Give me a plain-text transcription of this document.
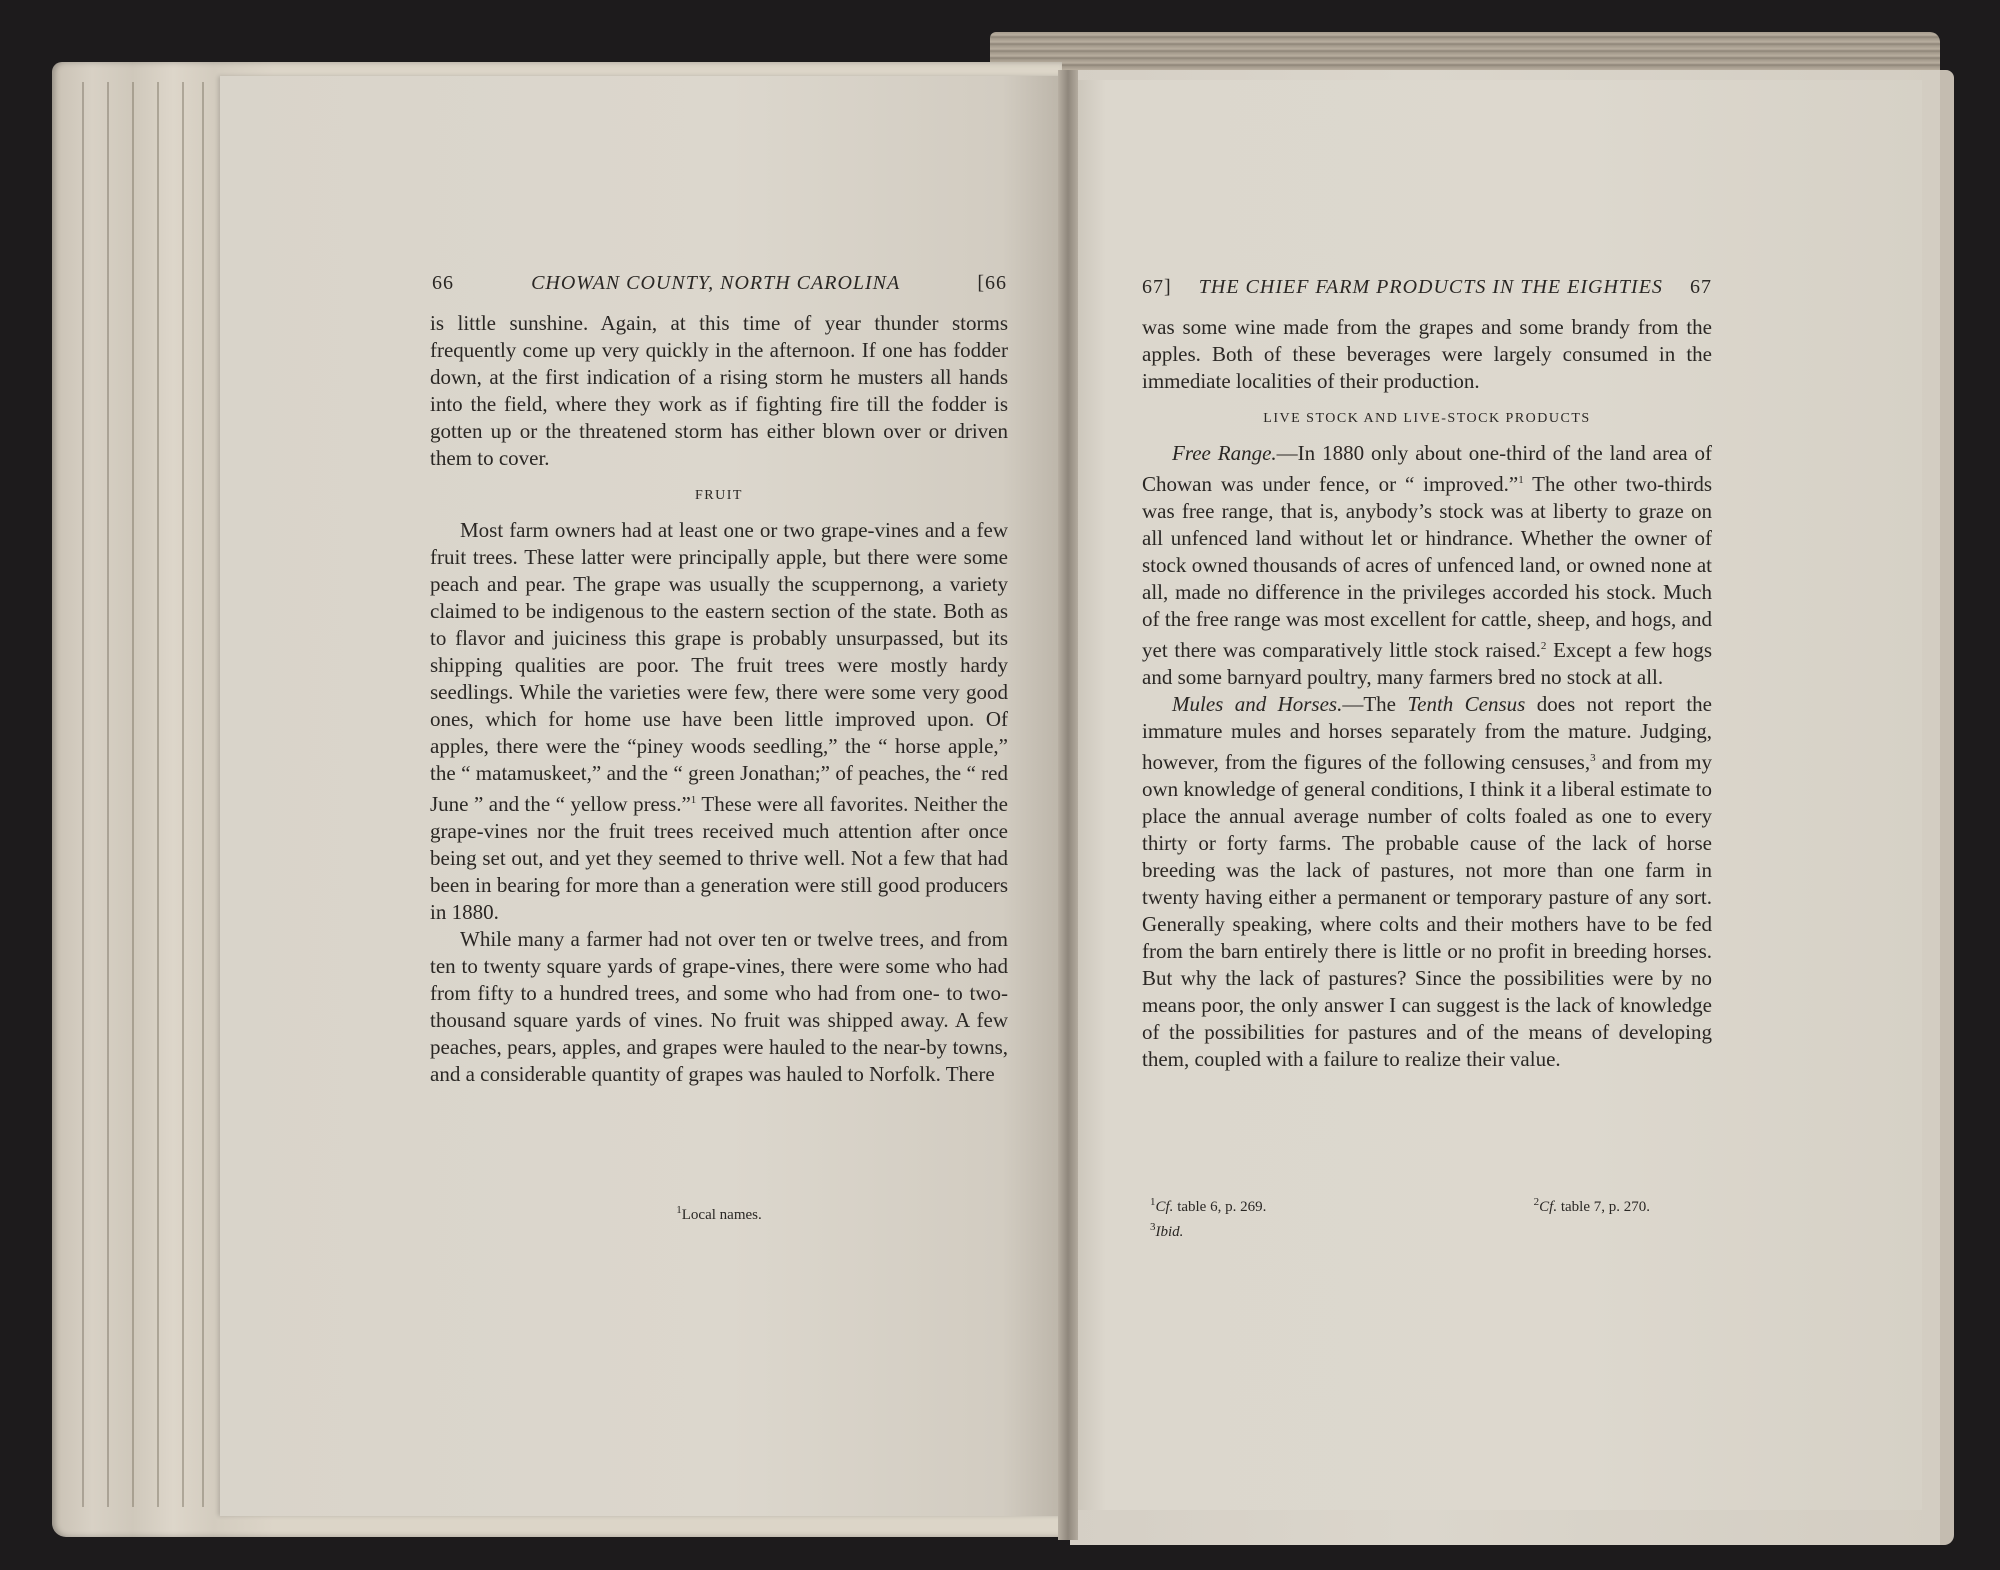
66	CHOWAN COUNTY, NORTH CAROLINA	[66

is little sunshine. Again, at this time of year thunder storms frequently come up very quickly in the afternoon. If one has fodder down, at the first indication of a rising storm he musters all hands into the field, where they work as if fighting fire till the fodder is gotten up or the threatened storm has either blown over or driven them to cover.

FRUIT

Most farm owners had at least one or two grape-vines and a few fruit trees. These latter were principally apple, but there were some peach and pear. The grape was usually the scuppernong, a variety claimed to be indigenous to the eastern section of the state. Both as to flavor and juiciness this grape is probably unsurpassed, but its shipping qualities are poor. The fruit trees were mostly hardy seedlings. While the varieties were few, there were some very good ones, which for home use have been little improved upon. Of apples, there were the “piney woods seedling,” the “ horse apple,” the “ matamuskeet,” and the “ green Jonathan;” of peaches, the “ red June ” and the “ yellow press.”$^1$ These were all favorites. Neither the grape-vines nor the fruit trees received much attention after once being set out, and yet they seemed to thrive well. Not a few that had been in bearing for more than a generation were still good producers in 1880.

While many a farmer had not over ten or twelve trees, and from ten to twenty square yards of grape-vines, there were some who had from fifty to a hundred trees, and some who had from one- to two-thousand square yards of vines. No fruit was shipped away. A few peaches, pears, apples, and grapes were hauled to the near-by towns, and a considerable quantity of grapes was hauled to Norfolk. There

$^1$Local names.
67] THE CHIEF FARM PRODUCTS IN THE EIGHTIES 67

was some wine made from the grapes and some brandy from the apples. Both of these beverages were largely consumed in the immediate localities of their production.

LIVE STOCK AND LIVE-STOCK PRODUCTS

Free Range.—In 1880 only about one-third of the land area of Chowan was under fence, or “ improved.”$^1$ The other two-thirds was free range, that is, anybody’s stock was at liberty to graze on all unfenced land without let or hindrance. Whether the owner of stock owned thousands of acres of unfenced land, or owned none at all, made no difference in the privileges accorded his stock. Much of the free range was most excellent for cattle, sheep, and hogs, and yet there was comparatively little stock raised.$^2$ Except a few hogs and some barnyard poultry, many farmers bred no stock at all.

Mules and Horses.—The Tenth Census does not report the immature mules and horses separately from the mature. Judging, however, from the figures of the following censuses,$^3$ and from my own knowledge of general conditions, I think it a liberal estimate to place the annual average number of colts foaled as one to every thirty or forty farms. The probable cause of the lack of horse breeding was the lack of pastures, not more than one farm in twenty having either a permanent or temporary pasture of any sort. Generally speaking, where colts and their mothers have to be fed from the barn entirely there is little or no profit in breeding horses. But why the lack of pastures? Since the possibilities were by no means poor, the only answer I can suggest is the lack of knowledge of the possibilities for pastures and of the means of developing them, coupled with a failure to realize their value.

$^1$Cf. table 6, p. 269.	$^2$Cf. table 7, p. 270.
$^3$Ibid.
